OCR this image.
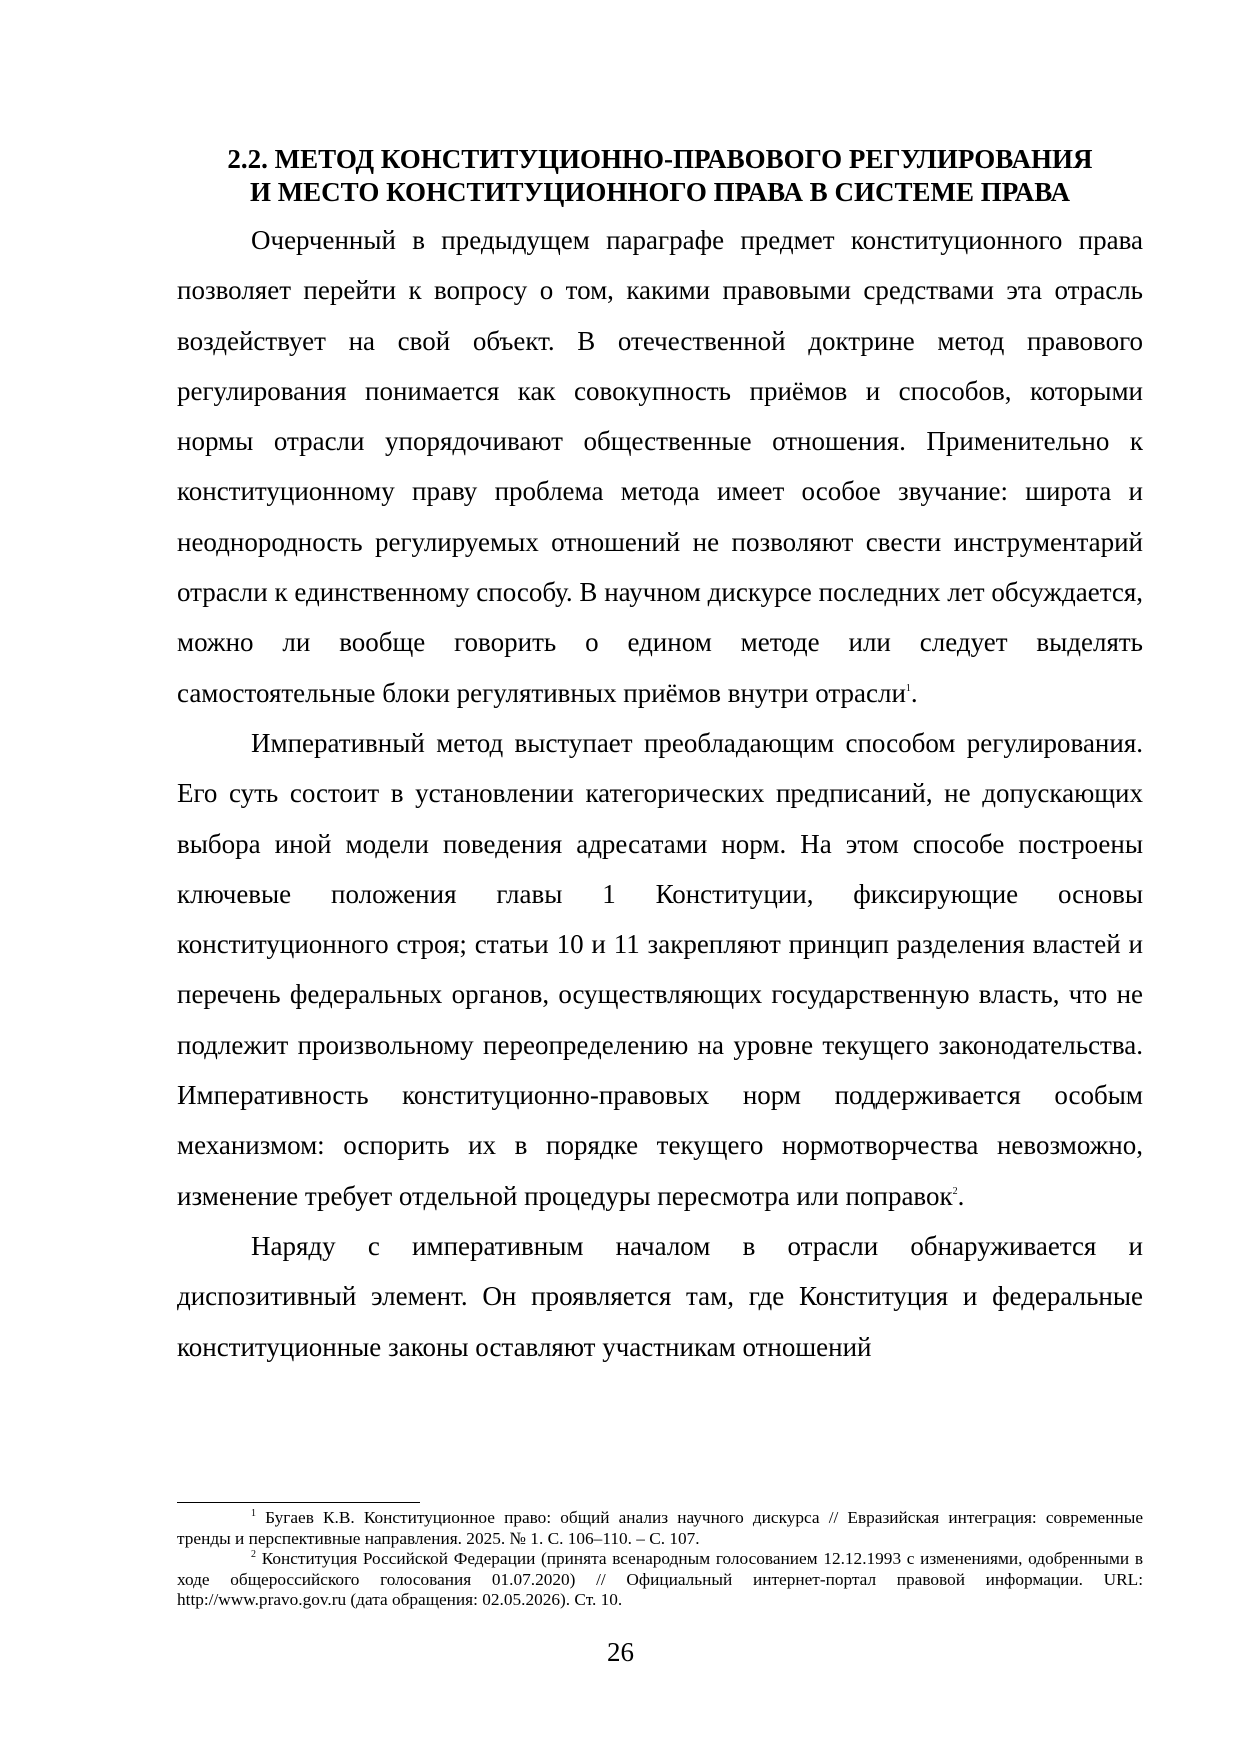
2.2. МЕТОД КОНСТИТУЦИОННО-ПРАВОВОГО РЕГУЛИРОВАНИЯ
И МЕСТО КОНСТИТУЦИОННОГО ПРАВА В СИСТЕМЕ ПРАВА

Очерченный в предыдущем параграфе предмет конституционного права позволяет перейти к вопросу о том, какими правовыми средствами эта отрасль воздействует на свой объект. В отечественной доктрине метод правового регулирования понимается как совокупность приёмов и способов, которыми нормы отрасли упорядочивают общественные отношения. Применительно к конституционному праву проблема метода имеет особое звучание: широта и неоднородность регулируемых отношений не позволяют свести инструментарий отрасли к единственному способу. В научном дискурсе последних лет обсуждается, можно ли вообще говорить о едином методе или следует выделять самостоятельные блоки регулятивных приёмов внутри отрасли$^1$.

Императивный метод выступает преобладающим способом регулирования. Его суть состоит в установлении категорических предписаний, не допускающих выбора иной модели поведения адресатами норм. На этом способе построены ключевые положения главы 1 Конституции, фиксирующие основы конституционного строя; статьи 10 и 11 закрепляют принцип разделения властей и перечень федеральных органов, осуществляющих государственную власть, что не подлежит произвольному переопределению на уровне текущего законодательства. Императивность конституционно-правовых норм поддерживается особым механизмом: оспорить их в порядке текущего нормотворчества невозможно, изменение требует отдельной процедуры пересмотра или поправок$^2$.

Наряду с императивным началом в отрасли обнаруживается и диспозитивный элемент. Он проявляется там, где Конституция и федеральные конституционные законы оставляют участникам отношений

$^1$ Бугаев К.В. Конституционное право: общий анализ научного дискурса // Евразийская интеграция: современные тренды и перспективные направления. 2025. № 1. С. 106–110. – С. 107.

$^2$ Конституция Российской Федерации (принята всенародным голосованием 12.12.1993 с изменениями, одобренными в ходе общероссийского голосования 01.07.2020) // Официальный интернет-портал правовой информации. URL: http://www.pravo.gov.ru (дата обращения: 02.05.2026). Ст. 10.

26
